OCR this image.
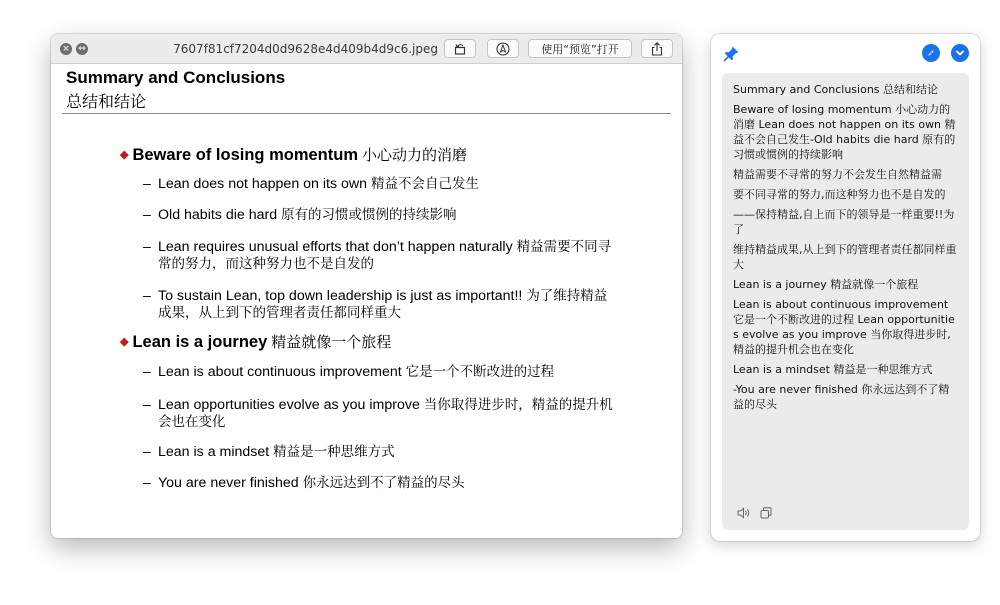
× ↔	7607f81cf7204d0d9628e4d409b4d9c6.jpeg	使用“预览”打开
Summary and Conclusions
总结和结论
◆ Beware of losing momentum 小心动力的消磨
– Lean does not happen on its own 精益不会自己发生
– Old habits die hard 原有的习惯或惯例的持续影响
– Lean requires unusual efforts that don’t happen naturally 精益需要不同寻常的努力，而这种努力也不是自发的
– To sustain Lean, top down leadership is just as important!! 为了维持精益成果，从上到下的管理者责任都同样重大
◆ Lean is a journey 精益就像一个旅程
– Lean is about continuous improvement 它是一个不断改进的过程
– Lean opportunities evolve as you improve 当你取得进步时，精益的提升机会也在变化
– Lean is a mindset 精益是一种思维方式
– You are never finished 你永远达到不了精益的尽头

Summary and Conclusions 总结和结论

Beware of losing momentum 小心动力的消磨 Lean does not happen on its own 精益不会自己发生-Old habits die hard 原有的习惯或惯例的持续影响

精益需要不寻常的努力不会发生自然精益需

要不同寻常的努力,而这种努力也不是自发的

——保持精益,自上而下的领导是一样重要!!为了

维持精益成果,从上到下的管理者责任都同样重大

Lean is a journey 精益就像一个旅程

Lean is about continuous improvement 它是一个不断改进的过程 Lean opportunities evolve as you improve 当你取得进步时,精益的提升机会也在变化

Lean is a mindset 精益是一种思维方式

-You are never finished 你永远达到不了精益的尽头
